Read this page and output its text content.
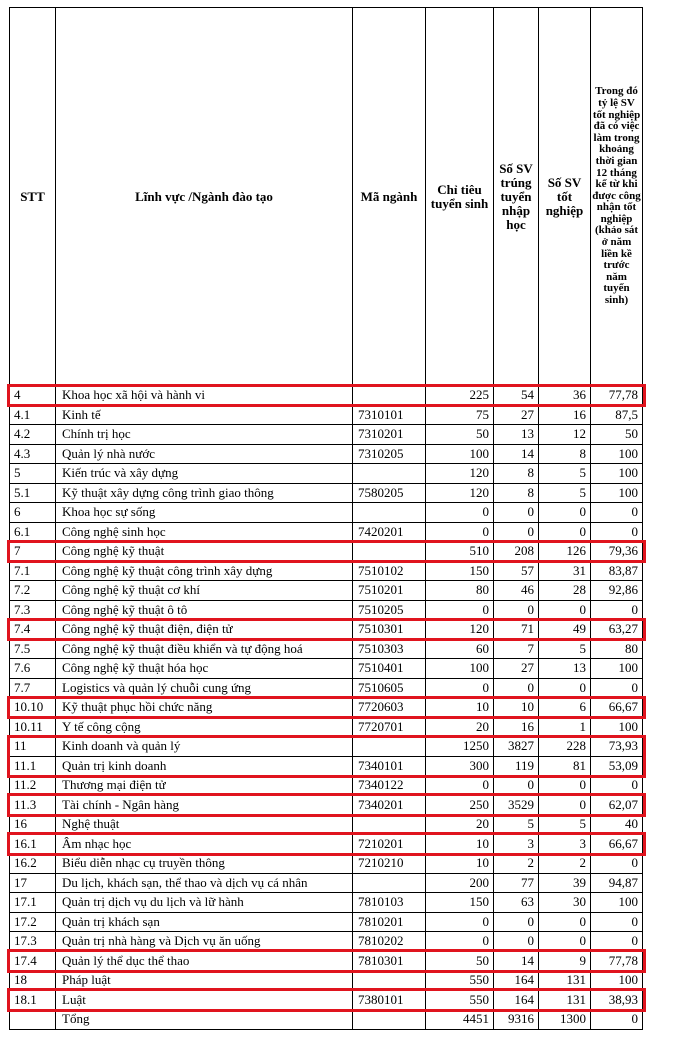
STT	Lĩnh vực /Ngành đào tạo	Mã ngành	Chỉ tiêu tuyển sinh	Số SV trúng tuyển nhập học	Số SV tốt nghiệp	Trong đó tỷ lệ SV tốt nghiệp đã có việc làm trong khoảng thời gian 12 tháng kể từ khi được công nhận tốt nghiệp (khảo sát ở năm liền kề trước năm tuyển sinh)
4	Khoa học xã hội và hành vi		225	54	36	77,78
4.1	Kinh tế	7310101	75	27	16	87,5
4.2	Chính trị học	7310201	50	13	12	50
4.3	Quản lý nhà nước	7310205	100	14	8	100
5	Kiến trúc và xây dựng		120	8	5	100
5.1	Kỹ thuật xây dựng công trình giao thông	7580205	120	8	5	100
6	Khoa học sự sống		0	0	0	0
6.1	Công nghệ sinh học	7420201	0	0	0	0
7	Công nghệ kỹ thuật		510	208	126	79,36
7.1	Công nghệ kỹ thuật công trình xây dựng	7510102	150	57	31	83,87
7.2	Công nghệ kỹ thuật cơ khí	7510201	80	46	28	92,86
7.3	Công nghệ kỹ thuật ô tô	7510205	0	0	0	0
7.4	Công nghệ kỹ thuật điện, điện tử	7510301	120	71	49	63,27
7.5	Công nghệ kỹ thuật điều khiển và tự động hoá	7510303	60	7	5	80
7.6	Công nghệ kỹ thuật hóa học	7510401	100	27	13	100
7.7	Logistics và quản lý chuỗi cung ứng	7510605	0	0	0	0
10.10	Kỹ thuật phục hồi chức năng	7720603	10	10	6	66,67
10.11	Y tế công cộng	7720701	20	16	1	100
11	Kinh doanh và quản lý		1250	3827	228	73,93
11.1	Quản trị kinh doanh	7340101	300	119	81	53,09
11.2	Thương mại điện tử	7340122	0	0	0	0
11.3	Tài chính - Ngân hàng	7340201	250	3529	0	62,07
16	Nghệ thuật		20	5	5	40
16.1	Âm nhạc học	7210201	10	3	3	66,67
16.2	Biểu diễn nhạc cụ truyền thông	7210210	10	2	2	0
17	Du lịch, khách sạn, thể thao và dịch vụ cá nhân		200	77	39	94,87
17.1	Quản trị dịch vụ du lịch và lữ hành	7810103	150	63	30	100
17.2	Quản trị khách sạn	7810201	0	0	0	0
17.3	Quản trị nhà hàng và Dịch vụ ăn uống	7810202	0	0	0	0
17.4	Quản lý thể dục thể thao	7810301	50	14	9	77,78
18	Pháp luật		550	164	131	100
18.1	Luật	7380101	550	164	131	38,93
	Tổng		4451	9316	1300	0
